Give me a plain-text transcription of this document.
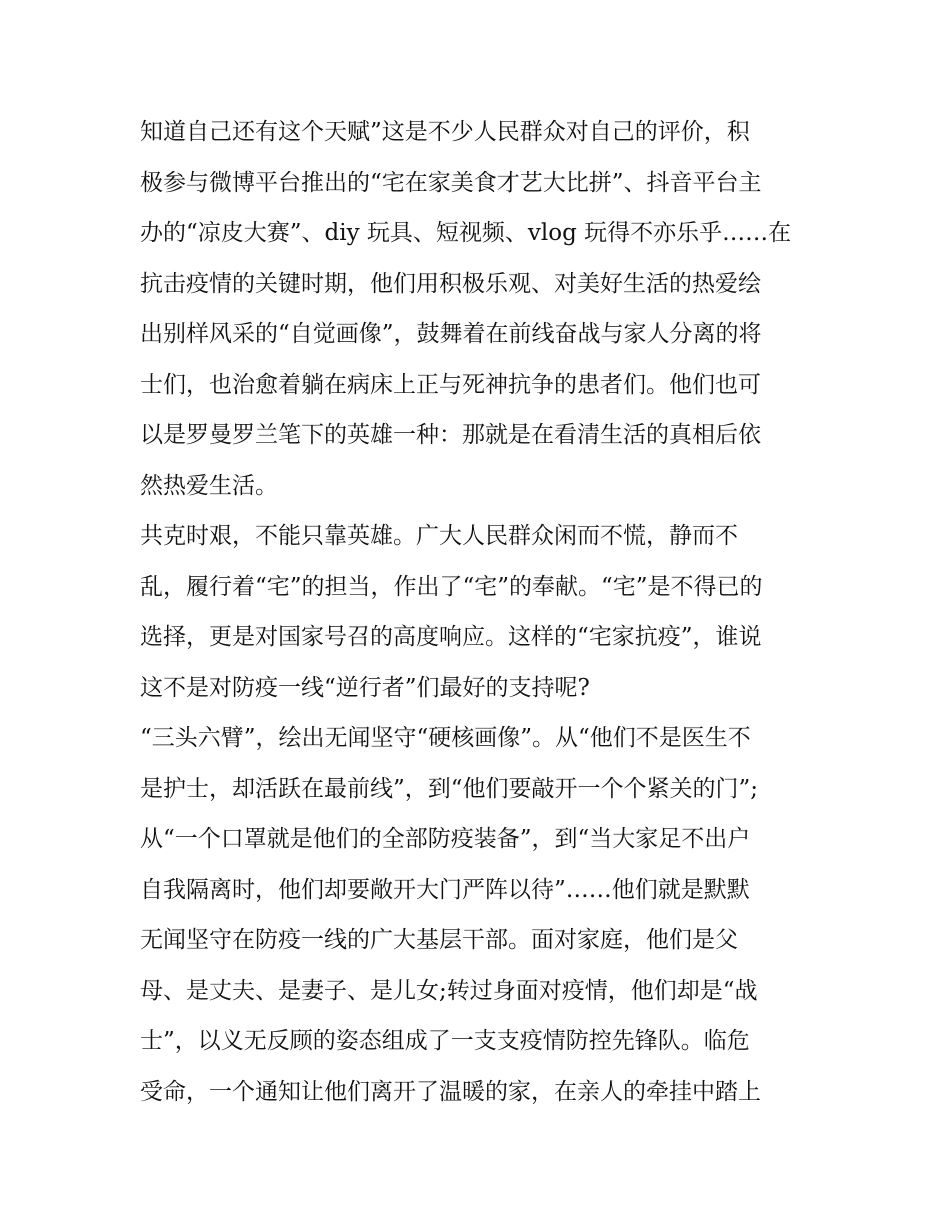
知道自己还有这个天赋”这是不少人民群众对自己的评价，积
极参与微博平台推出的“宅在家美食才艺大比拼”、抖音平台主
办的“凉皮大赛”、diy 玩具、短视频、vlog 玩得不亦乐乎……在
抗击疫情的关键时期，他们用积极乐观、对美好生活的热爱绘
出别样风采的“自觉画像”，鼓舞着在前线奋战与家人分离的将
士们，也治愈着躺在病床上正与死神抗争的患者们。他们也可
以是罗曼罗兰笔下的英雄一种：那就是在看清生活的真相后依
然热爱生活。
共克时艰，不能只靠英雄。广大人民群众闲而不慌，静而不
乱，履行着“宅”的担当，作出了“宅”的奉献。“宅”是不得已的
选择，更是对国家号召的高度响应。这样的“宅家抗疫”，谁说
这不是对防疫一线“逆行者”们最好的支持呢?
“三头六臂”，绘出无闻坚守“硬核画像”。从“他们不是医生不
是护士，却活跃在最前线”，到“他们要敲开一个个紧关的门”;
从“一个口罩就是他们的全部防疫装备”，到“当大家足不出户
自我隔离时，他们却要敞开大门严阵以待”……他们就是默默
无闻坚守在防疫一线的广大基层干部。面对家庭，他们是父
母、是丈夫、是妻子、是儿女;转过身面对疫情，他们却是“战
士”，以义无反顾的姿态组成了一支支疫情防控先锋队。临危
受命，一个通知让他们离开了温暖的家，在亲人的牵挂中踏上
